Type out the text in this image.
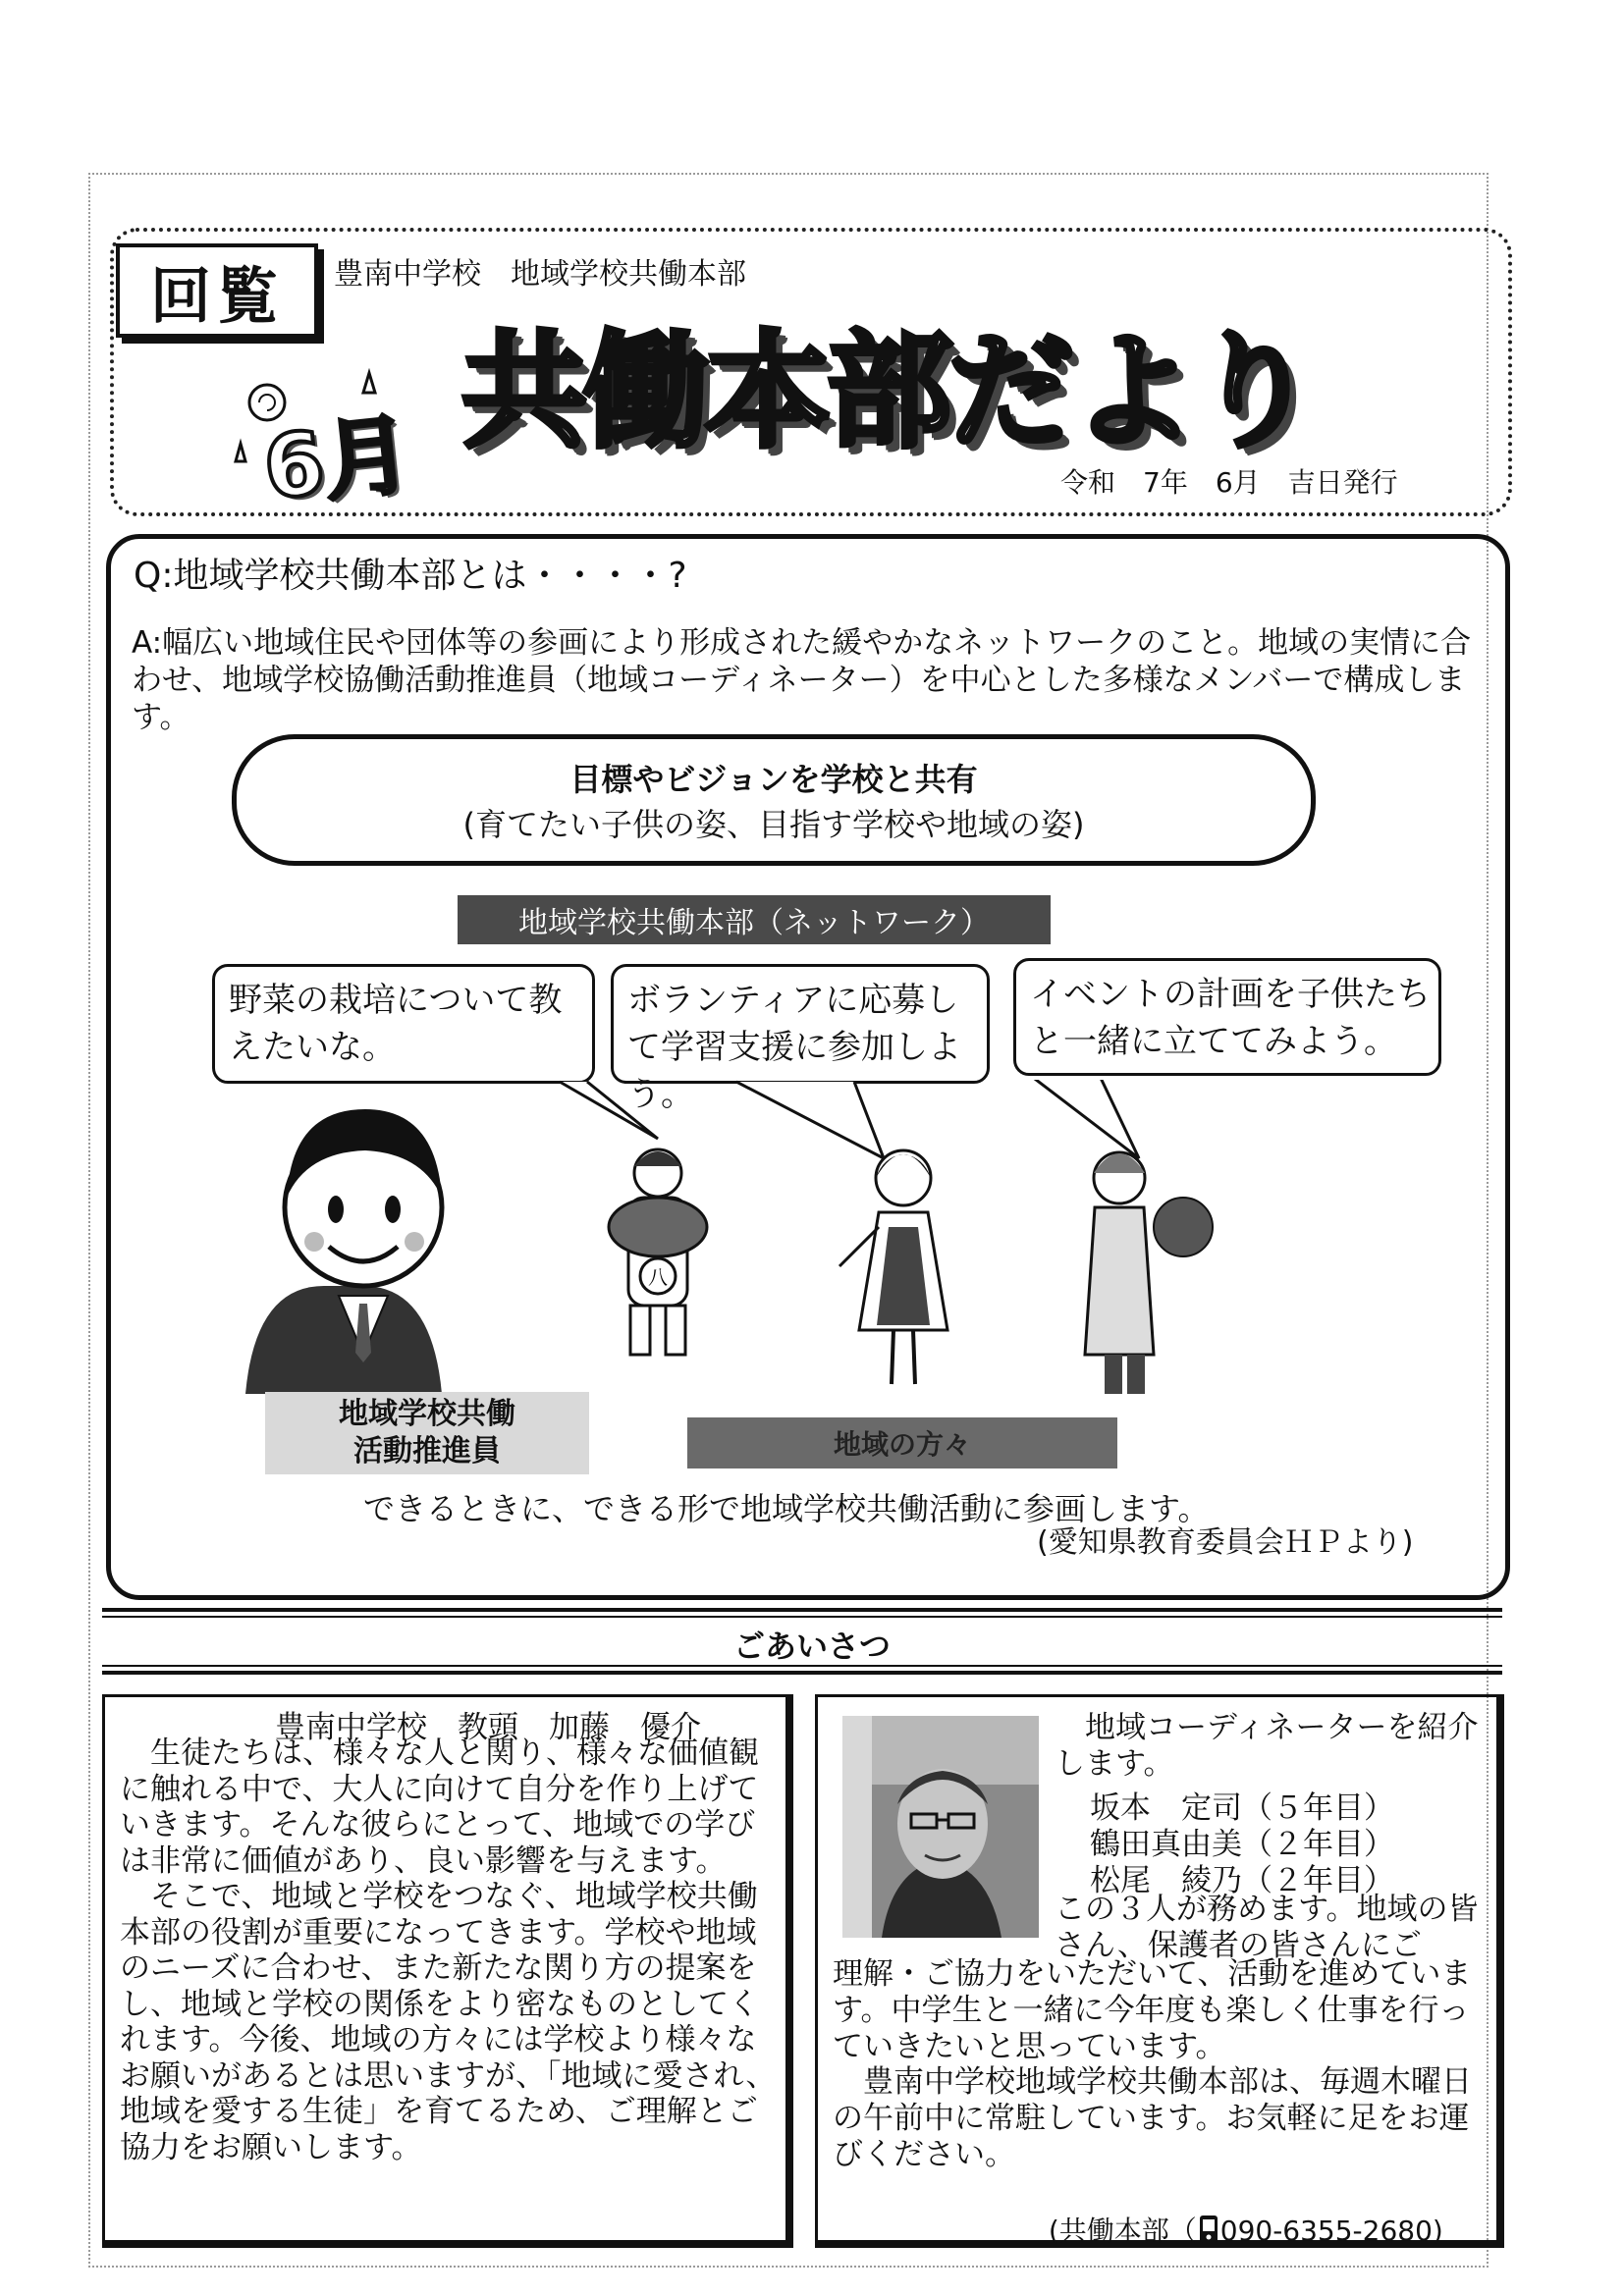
回覧	豊南中学校　地域学校共働本部
共働本部だより
6月	令和　7年　6月　吉日発行
Q:地域学校共働本部とは・・・・?
A:幅広い地域住民や団体等の参画により形成された緩やかなネットワークのこと。地域の実情に合わせ、地域学校協働活動推進員（地域コーディネーター）を中心とした多様なメンバーで構成します。
目標やビジョンを学校と共有
(育てたい子供の姿、目指す学校や地域の姿)
地域学校共働本部（ネットワーク）
野菜の栽培について教えたいな。
ボランティアに応募して学習支援に参加しよう。
イベントの計画を子供たちと一緒に立ててみよう。
八
地域学校共働
活動推進員	地域の方々
できるときに、できる形で地域学校共働活動に参画します。
(愛知県教育委員会ＨＰより)
ごあいさつ
豊南中学校　教頭　加藤　優介
　生徒たちは、様々な人と関り、様々な価値観に触れる中で、大人に向けて自分を作り上げていきます。そんな彼らにとって、地域での学びは非常に価値があり、良い影響を与えます。
　そこで、地域と学校をつなぐ、地域学校共働本部の役割が重要になってきます。学校や地域のニーズに合わせ、また新たな関り方の提案をし、地域と学校の関係をより密なものとしてくれます。今後、地域の方々には学校より様々なお願いがあるとは思いますが、「地域に愛され、地域を愛する生徒」を育てるため、ご理解とご協力をお願いします。
　地域コーディネーターを紹介します。
坂本　定司（５年目）
鶴田真由美（２年目）
松尾　綾乃（２年目）
この３人が務めます。地域の皆さん、保護者の皆さんにご
理解・ご協力をいただいて、活動を進めています。中学生と一緒に今年度も楽しく仕事を行っていきたいと思っています。
　豊南中学校地域学校共働本部は、毎週木曜日の午前中に常駐しています。お気軽に足をお運びください。

(共働本部（ 090-6355-2680)
